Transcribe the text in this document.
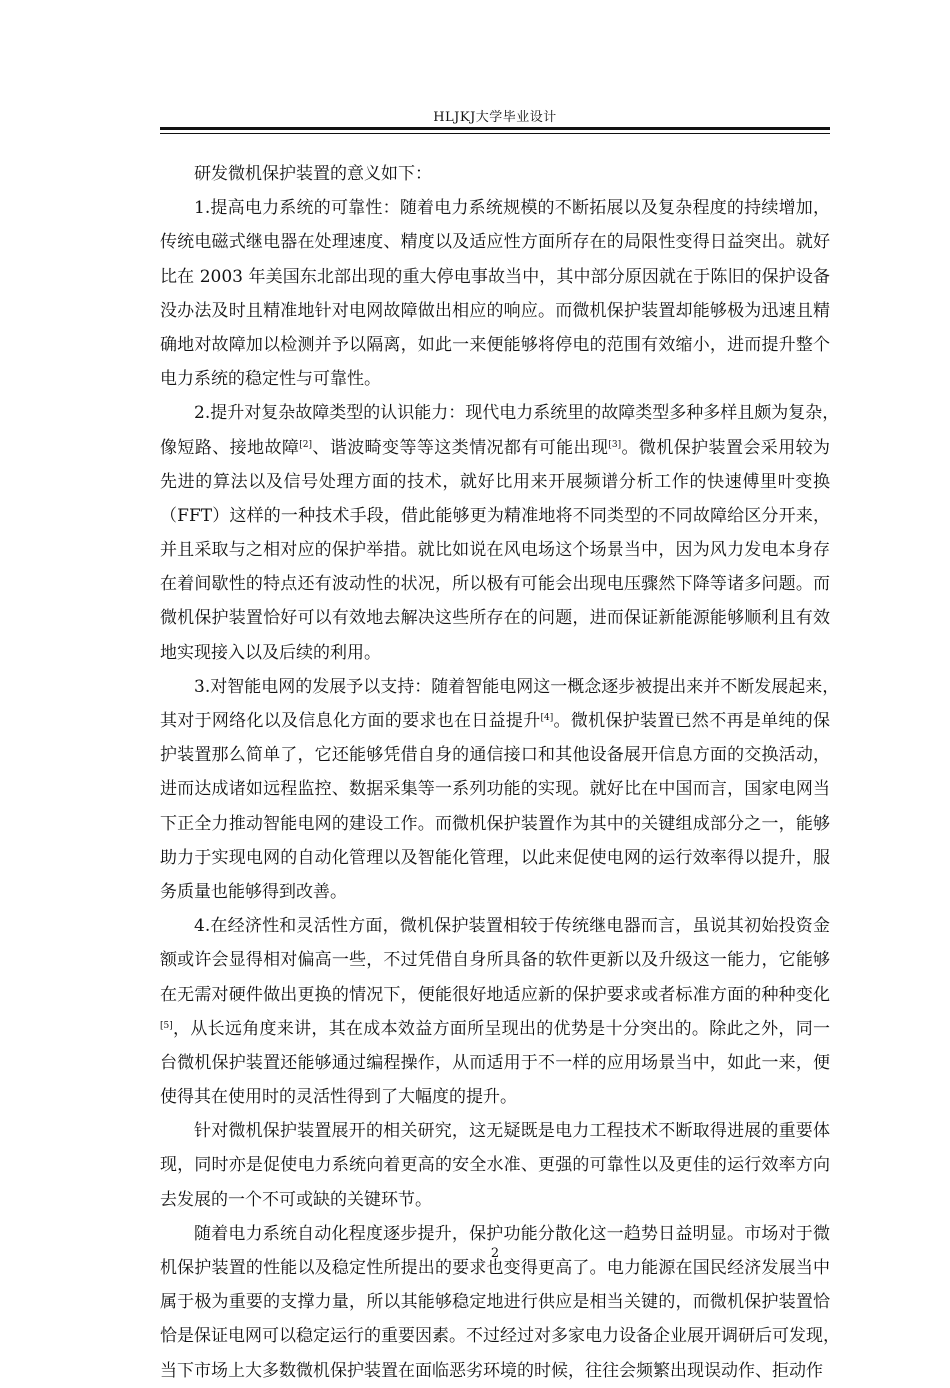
HLJKJ大学毕业设计
研发微机保护装置的意义如下：
1.提高电力系统的可靠性：随着电力系统规模的不断拓展以及复杂程度的持续增加，
传统电磁式继电器在处理速度、精度以及适应性方面所存在的局限性变得日益突出。就好
比在 2003 年美国东北部出现的重大停电事故当中，其中部分原因就在于陈旧的保护设备
没办法及时且精准地针对电网故障做出相应的响应。而微机保护装置却能够极为迅速且精
确地对故障加以检测并予以隔离，如此一来便能够将停电的范围有效缩小，进而提升整个
电力系统的稳定性与可靠性。
2.提升对复杂故障类型的认识能力：现代电力系统里的故障类型多种多样且颇为复杂，
像短路、接地故障[2]、谐波畸变等等这类情况都有可能出现[3]。微机保护装置会采用较为
先进的算法以及信号处理方面的技术，就好比用来开展频谱分析工作的快速傅里叶变换
（FFT）这样的一种技术手段，借此能够更为精准地将不同类型的不同故障给区分开来，
并且采取与之相对应的保护举措。就比如说在风电场这个场景当中，因为风力发电本身存
在着间歇性的特点还有波动性的状况，所以极有可能会出现电压骤然下降等诸多问题。而
微机保护装置恰好可以有效地去解决这些所存在的问题，进而保证新能源能够顺利且有效
地实现接入以及后续的利用。
3.对智能电网的发展予以支持：随着智能电网这一概念逐步被提出来并不断发展起来，
其对于网络化以及信息化方面的要求也在日益提升[4]。微机保护装置已然不再是单纯的保
护装置那么简单了，它还能够凭借自身的通信接口和其他设备展开信息方面的交换活动，
进而达成诸如远程监控、数据采集等一系列功能的实现。就好比在中国而言，国家电网当
下正全力推动智能电网的建设工作。而微机保护装置作为其中的关键组成部分之一，能够
助力于实现电网的自动化管理以及智能化管理，以此来促使电网的运行效率得以提升，服
务质量也能够得到改善。
4.在经济性和灵活性方面，微机保护装置相较于传统继电器而言，虽说其初始投资金
额或许会显得相对偏高一些，不过凭借自身所具备的软件更新以及升级这一能力，它能够
在无需对硬件做出更换的情况下，便能很好地适应新的保护要求或者标准方面的种种变化
[5]，从长远角度来讲，其在成本效益方面所呈现出的优势是十分突出的。除此之外，同一
台微机保护装置还能够通过编程操作，从而适用于不一样的应用场景当中，如此一来，便
使得其在使用时的灵活性得到了大幅度的提升。
针对微机保护装置展开的相关研究，这无疑既是电力工程技术不断取得进展的重要体
现，同时亦是促使电力系统向着更高的安全水准、更强的可靠性以及更佳的运行效率方向
去发展的一个不可或缺的关键环节。
随着电力系统自动化程度逐步提升，保护功能分散化这一趋势日益明显。市场对于微
机保护装置的性能以及稳定性所提出的要求也变得更高了。电力能源在国民经济发展当中
属于极为重要的支撑力量，所以其能够稳定地进行供应是相当关键的，而微机保护装置恰
恰是保证电网可以稳定运行的重要因素。不过经过对多家电力设备企业展开调研后可发现，
当下市场上大多数微机保护装置在面临恶劣环境的时候，往往会频繁出现误动作、拒动作
2
